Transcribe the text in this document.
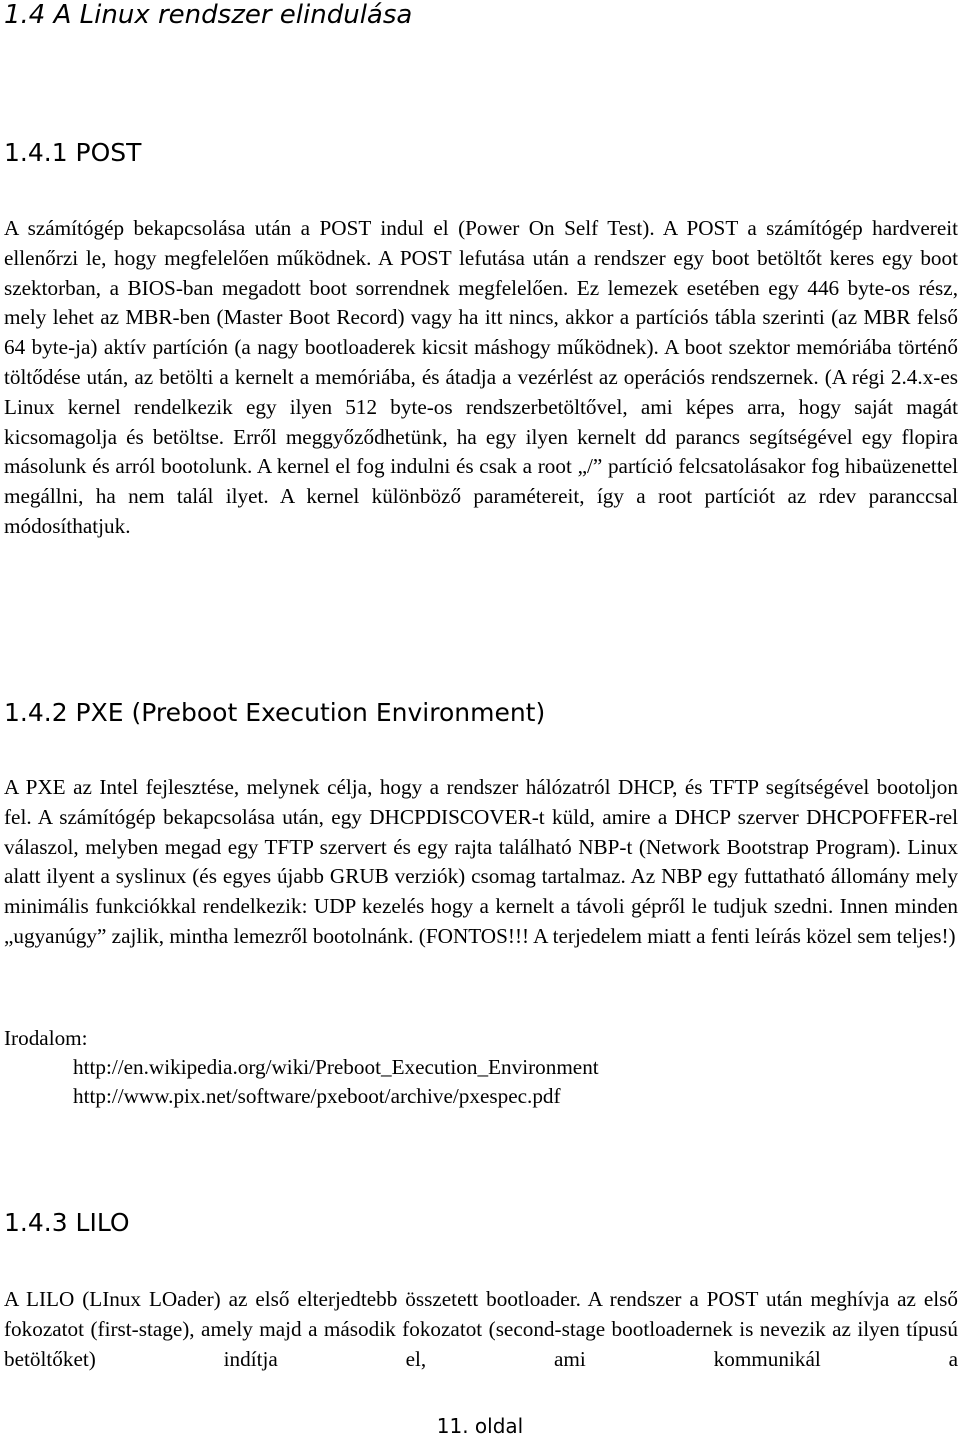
1.4 A Linux rendszer elindulása
1.4.1 POST

A számítógép bekapcsolása után a POST indul el (Power On Self Test). A POST a számítógép hardvereit ellenőrzi le, hogy megfelelően működnek. A POST lefutása után a rendszer egy boot betöltőt keres egy boot szektorban, a BIOS-ban megadott boot sorrendnek megfelelően. Ez lemezek esetében egy 446 byte-os rész, mely lehet az MBR-ben (Master Boot Record) vagy ha itt nincs, akkor a partíciós tábla szerinti (az MBR felső 64 byte-ja) aktív partíción (a nagy bootloaderek kicsit máshogy működnek). A boot szektor memóriába történő töltődése után, az betölti a kernelt a memóriába, és átadja a vezérlést az operációs rendszernek. (A régi 2.4.x-es Linux kernel rendelkezik egy ilyen 512 byte-os rendszerbetöltővel, ami képes arra, hogy saját magát kicsomagolja és betöltse. Erről meggyőződhetünk, ha egy ilyen kernelt dd parancs segítségével egy flopira másolunk és arról bootolunk. A kernel el fog indulni és csak a root „/” partíció felcsatolásakor fog hibaüzenettel megállni, ha nem talál ilyet. A kernel különböző paramétereit, így a root partíciót az rdev paranccsal módosíthatjuk.

1.4.2 PXE (Preboot Execution Environment)

A PXE az Intel fejlesztése, melynek célja, hogy a rendszer hálózatról DHCP, és TFTP segítségével bootoljon fel. A számítógép bekapcsolása után, egy DHCPDISCOVER-t küld, amire a DHCP szerver DHCPOFFER-rel válaszol, melyben megad egy TFTP szervert és egy rajta található NBP-t (Network Bootstrap Program). Linux alatt ilyent a syslinux (és egyes újabb GRUB verziók) csomag tartalmaz. Az NBP egy futtatható állomány mely minimális funkciókkal rendelkezik: UDP kezelés hogy a kernelt a távoli gépről le tudjuk szedni. Innen minden „ugyanúgy” zajlik, mintha lemezről bootolnánk. (FONTOS!!! A terjedelem miatt a fenti leírás közel sem teljes!)

Irodalom:
http://en.wikipedia.org/wiki/Preboot_Execution_Environment
http://www.pix.net/software/pxeboot/archive/pxespec.pdf
1.4.3 LILO

A LILO (LInux LOader) az első elterjedtebb összetett bootloader. A rendszer a POST után meghívja az első fokozatot (first-stage), amely majd a második fokozatot (second-stage bootloadernek is nevezik az ilyen típusú betöltőket) indítja el, ami kommunikál a

11. oldal
